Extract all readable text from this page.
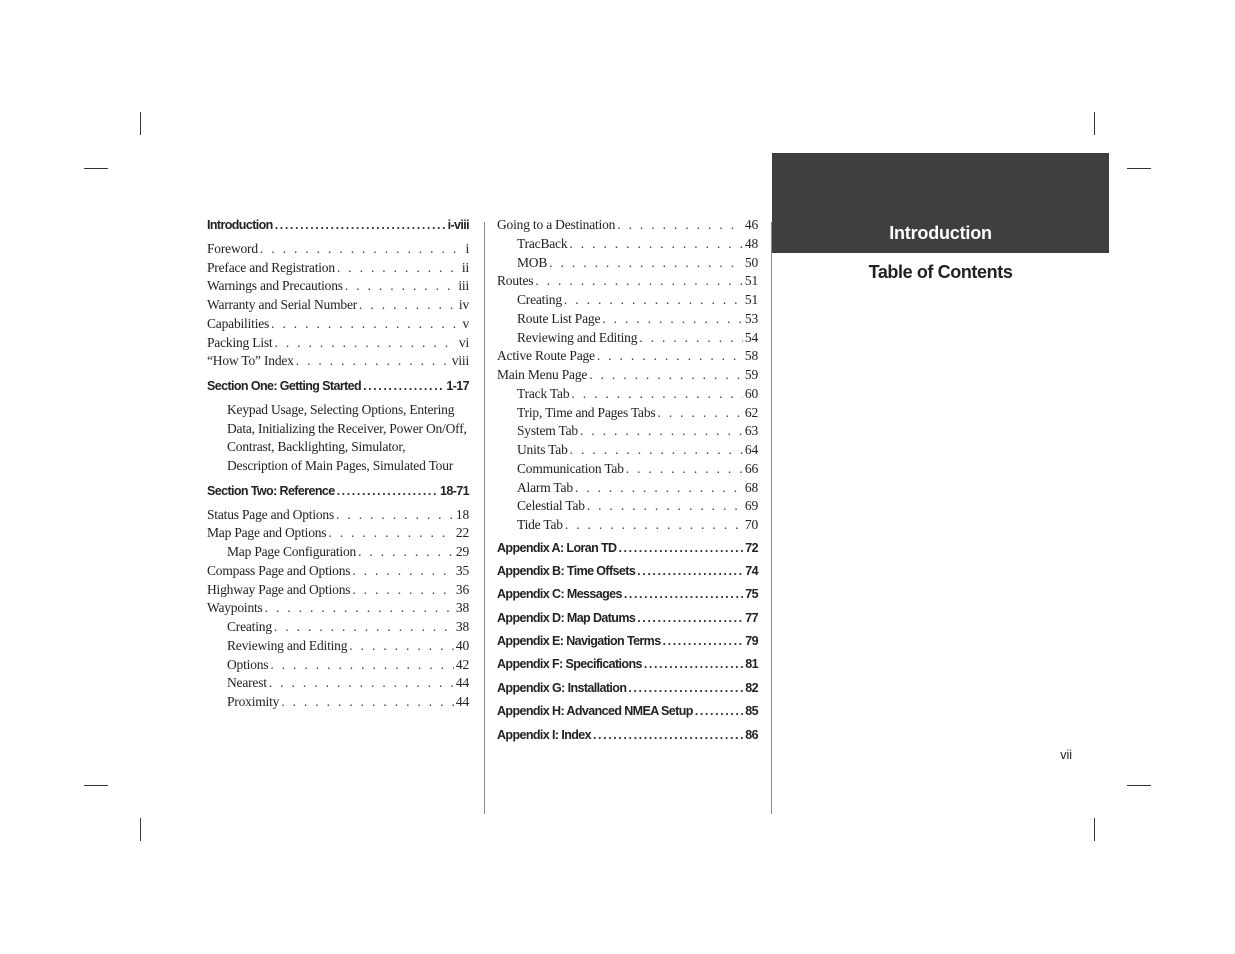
Introduction .....	i-viii
Foreword . . .	i
Preface and Registration . . .	ii
Warnings and Precautions . . .	iii
Warranty and Serial Number . . .	iv
Capabilities . . .	v
Packing List . . .	vi
“How To” Index . . .	viii
Section One: Getting Started .....	1-17
Keypad Usage, Selecting Options, Entering Data, Initializing the Receiver, Power On/Off, Contrast, Backlighting, Simulator, Description of Main Pages, Simulated Tour
Section Two: Reference .....	18-71
Status Page and Options . . .	18
Map Page and Options . . .	22
Map Page Configuration . . .	29
Compass Page and Options . . .	35
Highway Page and Options . . .	36
Waypoints . . .	38
Creating . . .	38
Reviewing and Editing . . .	40
Options . . .	42
Nearest . . .	44
Proximity . . .	44
Going to a Destination . . .	46
TracBack . . .	48
MOB . . .	50
Routes . . .	51
Creating . . .	51
Route List Page . . .	53
Reviewing and Editing . . .	54
Active Route Page . . .	58
Main Menu Page . . .	59
Track Tab . . .	60
Trip, Time and Pages Tabs . . .	62
System Tab . . .	63
Units Tab . . .	64
Communication Tab . . .	66
Alarm Tab . . .	68
Celestial Tab . . .	69
Tide Tab . . .	70
Appendix A: Loran TD .....	72
Appendix B: Time Offsets .....	74
Appendix C: Messages .....	75
Appendix D: Map Datums .....	77
Appendix E: Navigation Terms .....	79
Appendix F: Specifications .....	81
Appendix G: Installation .....	82
Appendix H: Advanced NMEA Setup .....	85
Appendix I: Index .....	86
Introduction
Table of Contents
vii
